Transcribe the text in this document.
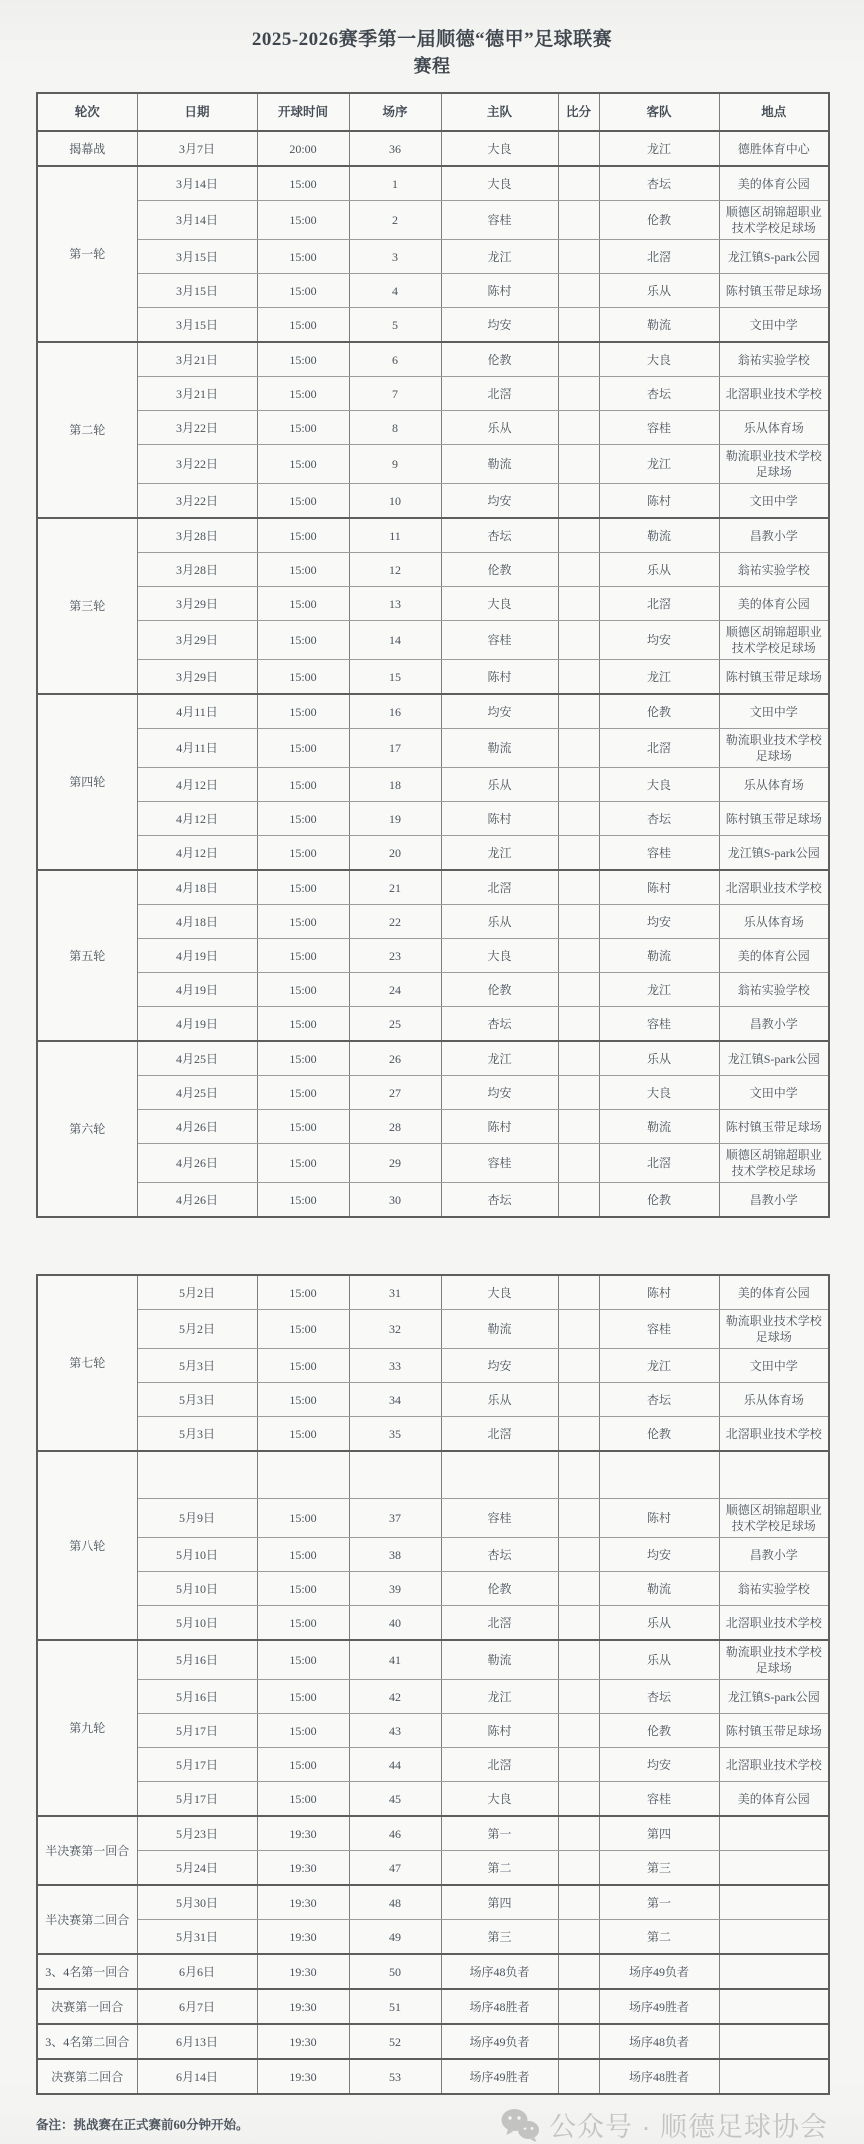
2025-2026赛季第一届顺德“德甲”足球联赛
赛程
轮次	日期	开球时间	场序	主队	比分	客队	地点
揭幕战	3月7日	20:00	36	大良		龙江	德胜体育中心
第一轮	3月14日	15:00	1	大良		杏坛	美的体育公园
	3月14日	15:00	2	容桂		伦教	顺德区胡锦超职业技术学校足球场
	3月15日	15:00	3	龙江		北滘	龙江镇S-park公园
	3月15日	15:00	4	陈村		乐从	陈村镇玉带足球场
	3月15日	15:00	5	均安		勒流	文田中学
第二轮	3月21日	15:00	6	伦教		大良	翁祐实验学校
	3月21日	15:00	7	北滘		杏坛	北滘职业技术学校
	3月22日	15:00	8	乐从		容桂	乐从体育场
	3月22日	15:00	9	勒流		龙江	勒流职业技术学校足球场
	3月22日	15:00	10	均安		陈村	文田中学
第三轮	3月28日	15:00	11	杏坛		勒流	昌教小学
	3月28日	15:00	12	伦教		乐从	翁祐实验学校
	3月29日	15:00	13	大良		北滘	美的体育公园
	3月29日	15:00	14	容桂		均安	顺德区胡锦超职业技术学校足球场
	3月29日	15:00	15	陈村		龙江	陈村镇玉带足球场
第四轮	4月11日	15:00	16	均安		伦教	文田中学
	4月11日	15:00	17	勒流		北滘	勒流职业技术学校足球场
	4月12日	15:00	18	乐从		大良	乐从体育场
	4月12日	15:00	19	陈村		杏坛	陈村镇玉带足球场
	4月12日	15:00	20	龙江		容桂	龙江镇S-park公园
第五轮	4月18日	15:00	21	北滘		陈村	北滘职业技术学校
	4月18日	15:00	22	乐从		均安	乐从体育场
	4月19日	15:00	23	大良		勒流	美的体育公园
	4月19日	15:00	24	伦教		龙江	翁祐实验学校
	4月19日	15:00	25	杏坛		容桂	昌教小学
第六轮	4月25日	15:00	26	龙江		乐从	龙江镇S-park公园
	4月25日	15:00	27	均安		大良	文田中学
	4月26日	15:00	28	陈村		勒流	陈村镇玉带足球场
	4月26日	15:00	29	容桂		北滘	顺德区胡锦超职业技术学校足球场
	4月26日	15:00	30	杏坛		伦教	昌教小学
第七轮	5月2日	15:00	31	大良		陈村	美的体育公园
	5月2日	15:00	32	勒流		容桂	勒流职业技术学校足球场
	5月3日	15:00	33	均安		龙江	文田中学
	5月3日	15:00	34	乐从		杏坛	乐从体育场
	5月3日	15:00	35	北滘		伦教	北滘职业技术学校
第八轮							
	5月9日	15:00	37	容桂		陈村	顺德区胡锦超职业技术学校足球场
	5月10日	15:00	38	杏坛		均安	昌教小学
	5月10日	15:00	39	伦教		勒流	翁祐实验学校
	5月10日	15:00	40	北滘		乐从	北滘职业技术学校
第九轮	5月16日	15:00	41	勒流		乐从	勒流职业技术学校足球场
	5月16日	15:00	42	龙江		杏坛	龙江镇S-park公园
	5月17日	15:00	43	陈村		伦教	陈村镇玉带足球场
	5月17日	15:00	44	北滘		均安	北滘职业技术学校
	5月17日	15:00	45	大良		容桂	美的体育公园
半决赛第一回合	5月23日	19:30	46	第一		第四	
	5月24日	19:30	47	第二		第三	
半决赛第二回合	5月30日	19:30	48	第四		第一	
	5月31日	19:30	49	第三		第二	
3、4名第一回合	6月6日	19:30	50	场序48负者		场序49负者	
决赛第一回合	6月7日	19:30	51	场序48胜者		场序49胜者	
3、4名第二回合	6月13日	19:30	52	场序49负者		场序48负者	
决赛第二回合	6月14日	19:30	53	场序49胜者		场序48胜者	
备注：挑战赛在正式赛前60分钟开始。	公众号 · 顺德足球协会
